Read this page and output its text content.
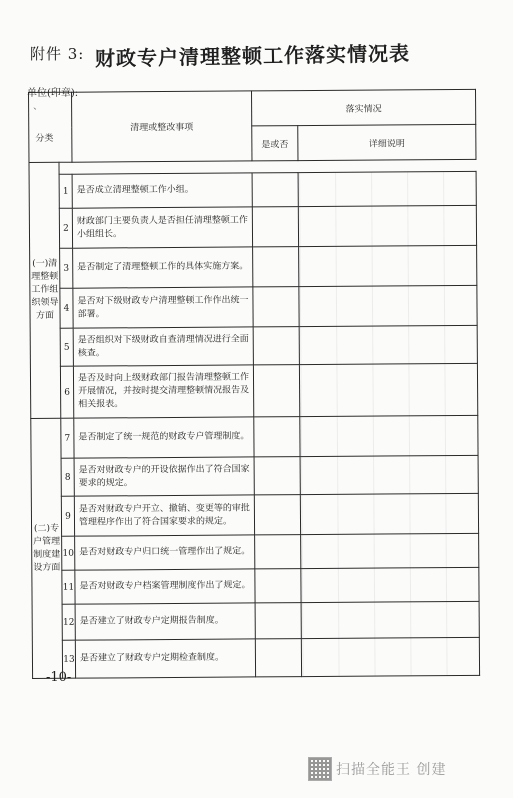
附件 3: 财政专户清理整顿工作落实情况表
单位(印章):
、
分类		清理或整改事项	落实情况	
			是或否	详细说明
(一)清理整顿工作组织领导方面				
	1	是否成立清理整顿工作小组。		
	2	财政部门主要负责人是否担任清理整顿工作小组组长。		
	3	是否制定了清理整顿工作的具体实施方案。		
	4	是否对下级财政专户清理整顿工作作出统一部署。		
	5	是否组织对下级财政自查清理情况进行全面核查。		
	6	是否及时向上级财政部门报告清理整顿工作开展情况，并按时提交清理整顿情况报告及相关报表。		
(二)专户管理制度建设方面	7	是否制定了统一规范的财政专户管理制度。		
	8	是否对财政专户的开设依据作出了符合国家要求的规定。		
	9	是否对财政专户开立、撤销、变更等的审批管理程序作出了符合国家要求的规定。		
	10	是否对财政专户归口统一管理作出了规定。		
	11	是否对财政专户档案管理制度作出了规定。		
	12	是否建立了财政专户定期报告制度。		
	13	是否建立了财政专户定期检查制度。		
-10-
扫描全能王 创建
